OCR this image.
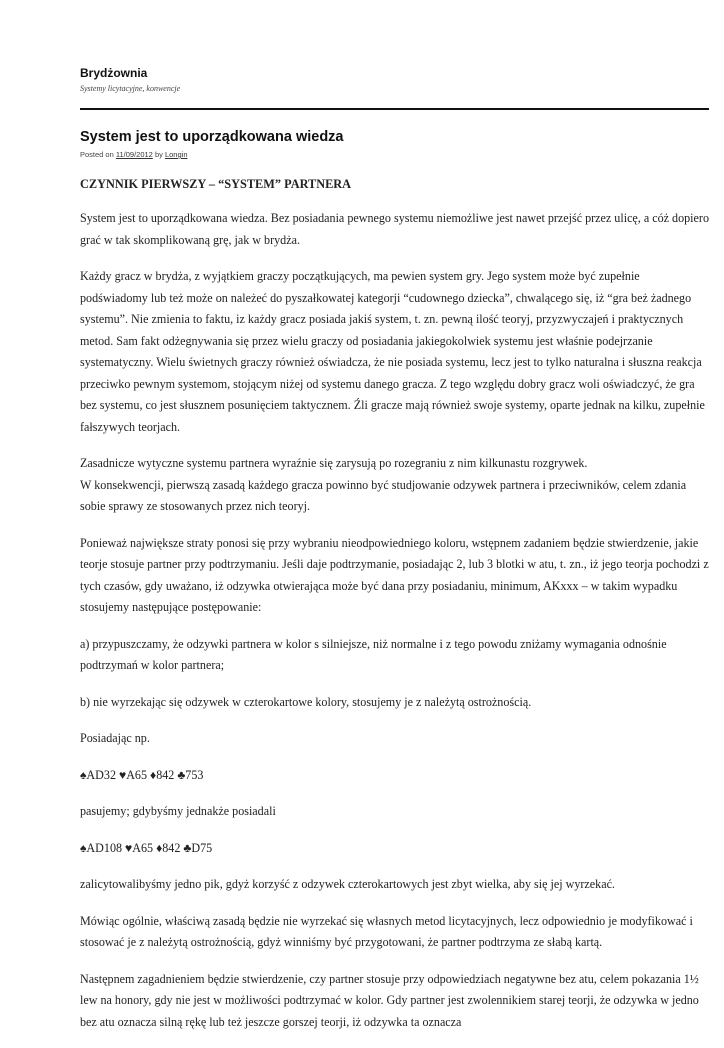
Brydżownia
Systemy licytacyjne, konwencje
System jest to uporządkowana wiedza
Posted on 11/09/2012 by Longin
CZYNNIK PIERWSZY – “SYSTEM” PARTNERA

System jest to uporządkowana wiedza. Bez posiadania pewnego systemu niemożliwe jest nawet przejść przez ulicę, a cóż dopiero grać w tak skomplikowaną grę, jak w brydża.

Każdy gracz w brydża, z wyjątkiem graczy początkujących, ma pewien system gry. Jego system może być zupełnie podświadomy lub też może on należeć do pyszałkowatej kategorji “cudownego dziecka”, chwalącego się, iż “gra beż żadnego systemu”. Nie zmienia to faktu, iz każdy gracz posiada jakiś system, t. zn. pewną ilość teoryj, przyzwyczajeń i praktycznych metod. Sam fakt odżegnywania się przez wielu graczy od posiadania jakiegokolwiek systemu jest właśnie podejrzanie systematyczny. Wielu świetnych graczy również oświadcza, że nie posiada systemu, lecz jest to tylko naturalna i słuszna reakcja przeciwko pewnym systemom, stojącym niżej od systemu danego gracza. Z tego względu dobry gracz woli oświadczyć, że gra bez systemu, co jest słusznem posunięciem taktycznem. Źli gracze mają również swoje systemy, oparte jednak na kilku, zupełnie fałszywych teorjach.

Zasadnicze wytyczne systemu partnera wyraźnie się zarysują po rozegraniu z nim kilkunastu rozgrywek.

W konsekwencji, pierwszą zasadą każdego gracza powinno być studjowanie odzywek partnera i przeciwników, celem zdania sobie sprawy ze stosowanych przez nich teoryj.

Ponieważ największe straty ponosi się przy wybraniu nieodpowiedniego koloru, wstępnem zadaniem będzie stwierdzenie, jakie teorje stosuje partner przy podtrzymaniu. Jeśli daje podtrzymanie, posiadając 2, lub 3 blotki w atu, t. zn., iż jego teorja pochodzi z tych czasów, gdy uważano, iż odzywka otwierająca może być dana przy posiadaniu, minimum, AKxxx – w takim wypadku stosujemy następujące postępowanie:

a) przypuszczamy, że odzywki partnera w kolor s silniejsze, niż normalne i z tego powodu zniżamy wymagania odnośnie podtrzymań w kolor partnera;

b) nie wyrzekając się odzywek w czterokartowe kolory, stosujemy je z należytą ostrożnością.

Posiadając np.

♠AD32 ♥A65 ♦842 ♣753

pasujemy; gdybyśmy jednakże posiadali

♠AD108 ♥A65 ♦842 ♣D75

zalicytowalibyśmy jedno pik, gdyż korzyść z odzywek czterokartowych jest zbyt wielka, aby się jej wyrzekać.

Mówiąc ogólnie, właściwą zasadą będzie nie wyrzekać się własnych metod licytacyjnych, lecz odpowiednio je modyfikować i stosować je z należytą ostrożnością, gdyż winniśmy być przygotowani, że partner podtrzyma ze słabą kartą.

Następnem zagadnieniem będzie stwierdzenie, czy partner stosuje przy odpowiedziach negatywne bez atu, celem pokazania 1½ lew na honory, gdy nie jest w możliwości podtrzymać w kolor. Gdy partner jest zwolennikiem starej teorji, że odzywka w jedno bez atu oznacza silną rękę lub też jeszcze gorszej teorji, iż odzywka ta oznacza
